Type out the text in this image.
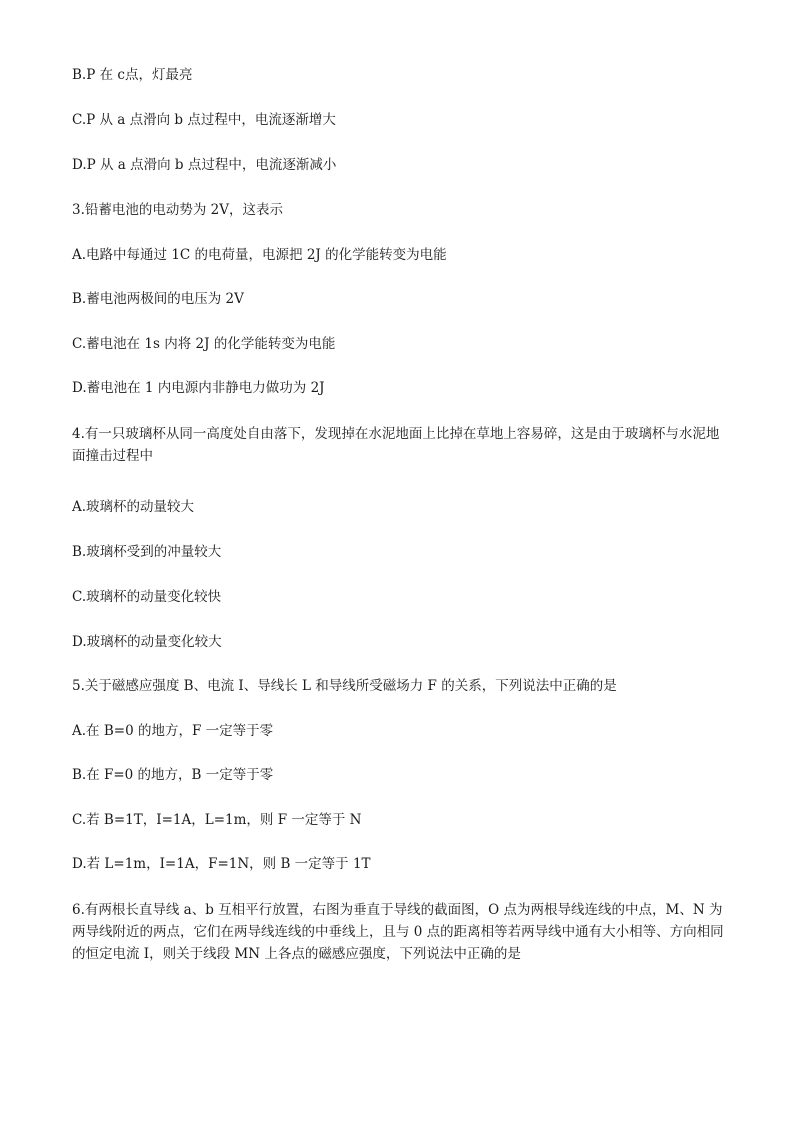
B.P 在 c点，灯最亮
C.P 从 a 点滑向 b 点过程中，电流逐渐增大
D.P 从 a 点滑向 b 点过程中，电流逐渐减小
3.铅蓄电池的电动势为 2V，这表示
A.电路中每通过 1C 的电荷量，电源把 2J 的化学能转变为电能
B.蓄电池两极间的电压为 2V
C.蓄电池在 1s 内将 2J 的化学能转变为电能
D.蓄电池在 1 内电源内非静电力做功为 2J
4.有一只玻璃杯从同一高度处自由落下，发现掉在水泥地面上比掉在草地上容易碎，这是由于玻璃杯与水泥地面撞击过程中
A.玻璃杯的动量较大
B.玻璃杯受到的冲量较大
C.玻璃杯的动量变化较快
D.玻璃杯的动量变化较大
5.关于磁感应强度 B、电流 I、导线长 L 和导线所受磁场力 F 的关系，下列说法中正确的是
A.在 B=0 的地方，F 一定等于零
B.在 F=0 的地方，B 一定等于零
C.若 B=1T，I=1A，L=1m，则 F 一定等于 N
D.若 L=1m，I=1A，F=1N，则 B 一定等于 1T
6.有两根长直导线 a、b 互相平行放置，右图为垂直于导线的截面图，O 点为两根导线连线的中点，M、N 为两导线附近的两点，它们在两导线连线的中垂线上，且与 0 点的距离相等若两导线中通有大小相等、方向相同的恒定电流 I，则关于线段 MN 上各点的磁感应强度，下列说法中正确的是
